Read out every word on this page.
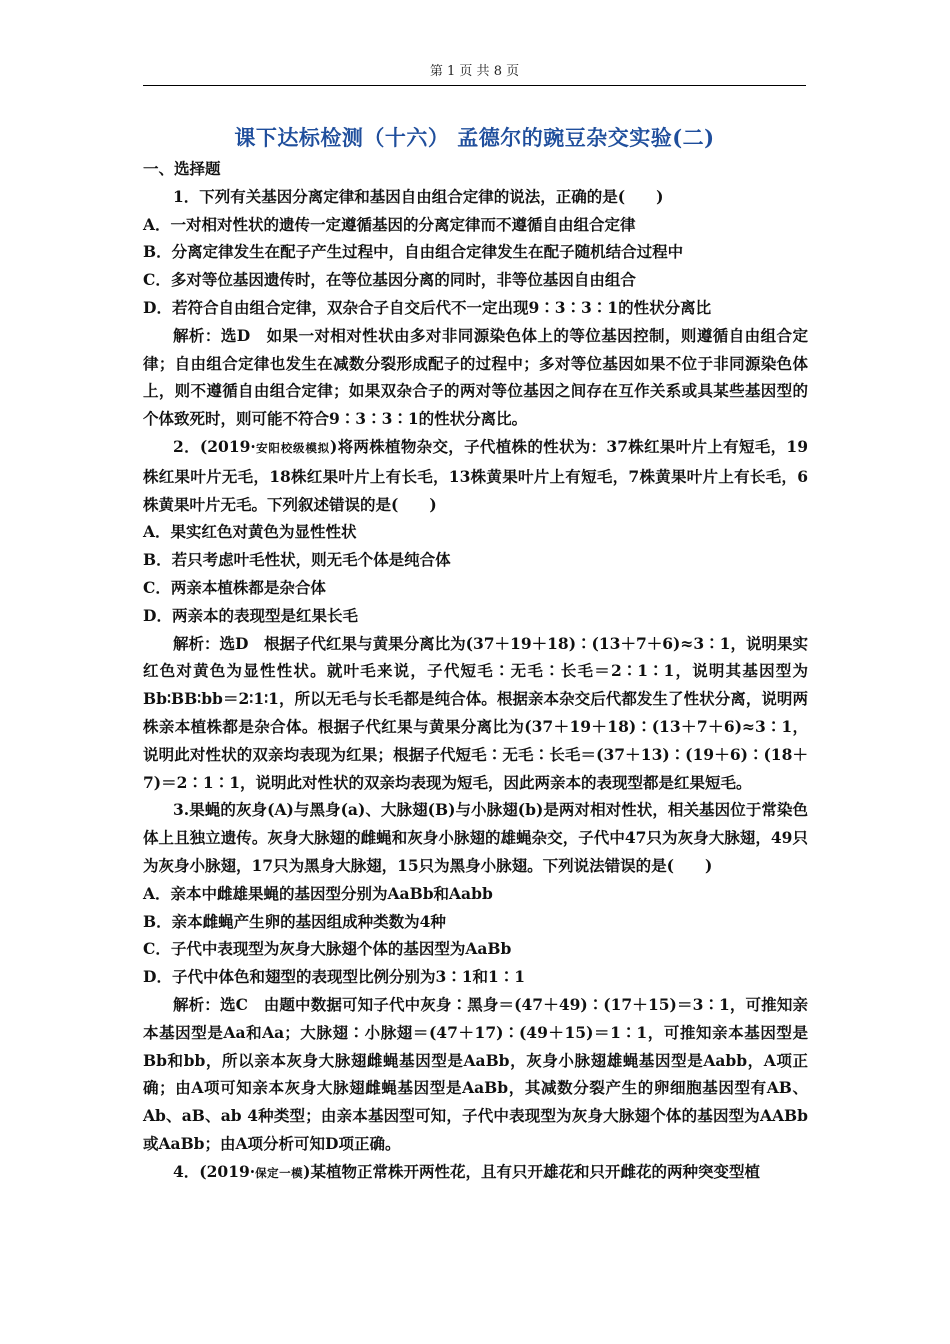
第 1 页 共 8 页
课下达标检测（十六） 孟德尔的豌豆杂交实验(二)

一、选择题

1．下列有关基因分离定律和基因自由组合定律的说法，正确的是(　　)

A．一对相对性状的遗传一定遵循基因的分离定律而不遵循自由组合定律

B．分离定律发生在配子产生过程中，自由组合定律发生在配子随机结合过程中

C．多对等位基因遗传时，在等位基因分离的同时，非等位基因自由组合

D．若符合自由组合定律，双杂合子自交后代不一定出现9∶3∶3∶1的性状分离比

解析：选D　如果一对相对性状由多对非同源染色体上的等位基因控制，则遵循自由组合定律；自由组合定律也发生在减数分裂形成配子的过程中；多对等位基因如果不位于非同源染色体上，则不遵循自由组合定律；如果双杂合子的两对等位基因之间存在互作关系或具某些基因型的个体致死时，则可能不符合9∶3∶3∶1的性状分离比。

2．(2019·安阳校级模拟)将两株植物杂交，子代植株的性状为：37株红果叶片上有短毛，19株红果叶片无毛，18株红果叶片上有长毛，13株黄果叶片上有短毛，7株黄果叶片上有长毛，6株黄果叶片无毛。下列叙述错误的是(　　)

A．果实红色对黄色为显性性状

B．若只考虑叶毛性状，则无毛个体是纯合体

C．两亲本植株都是杂合体

D．两亲本的表现型是红果长毛

解析：选D　根据子代红果与黄果分离比为(37＋19＋18)∶(13＋7＋6)≈3∶1，说明果实红色对黄色为显性性状。就叶毛来说，子代短毛∶无毛∶长毛＝2∶1∶1，说明其基因型为Bb∶BB∶bb＝2∶1∶1，所以无毛与长毛都是纯合体。根据亲本杂交后代都发生了性状分离，说明两株亲本植株都是杂合体。根据子代红果与黄果分离比为(37＋19＋18)∶(13＋7＋6)≈3∶1，说明此对性状的双亲均表现为红果；根据子代短毛∶无毛∶长毛＝(37＋13)∶(19＋6)∶(18＋7)＝2∶1∶1，说明此对性状的双亲均表现为短毛，因此两亲本的表现型都是红果短毛。

3.果蝇的灰身(A)与黑身(a)、大脉翅(B)与小脉翅(b)是两对相对性状，相关基因位于常染色体上且独立遗传。灰身大脉翅的雌蝇和灰身小脉翅的雄蝇杂交，子代中47只为灰身大脉翅，49只为灰身小脉翅，17只为黑身大脉翅，15只为黑身小脉翅。下列说法错误的是(　　)

A．亲本中雌雄果蝇的基因型分别为AaBb和Aabb

B．亲本雌蝇产生卵的基因组成种类数为4种

C．子代中表现型为灰身大脉翅个体的基因型为AaBb

D．子代中体色和翅型的表现型比例分别为3∶1和1∶1

解析：选C　由题中数据可知子代中灰身∶黑身＝(47＋49)∶(17＋15)＝3∶1，可推知亲本基因型是Aa和Aa；大脉翅∶小脉翅＝(47＋17)∶(49＋15)＝1∶1，可推知亲本基因型是Bb和bb，所以亲本灰身大脉翅雌蝇基因型是AaBb，灰身小脉翅雄蝇基因型是Aabb，A项正确；由A项可知亲本灰身大脉翅雌蝇基因型是AaBb，其减数分裂产生的卵细胞基因型有AB、Ab、aB、ab 4种类型；由亲本基因型可知，子代中表现型为灰身大脉翅个体的基因型为AABb或AaBb；由A项分析可知D项正确。

4．(2019·保定一模)某植物正常株开两性花，且有只开雄花和只开雌花的两种突变型植
